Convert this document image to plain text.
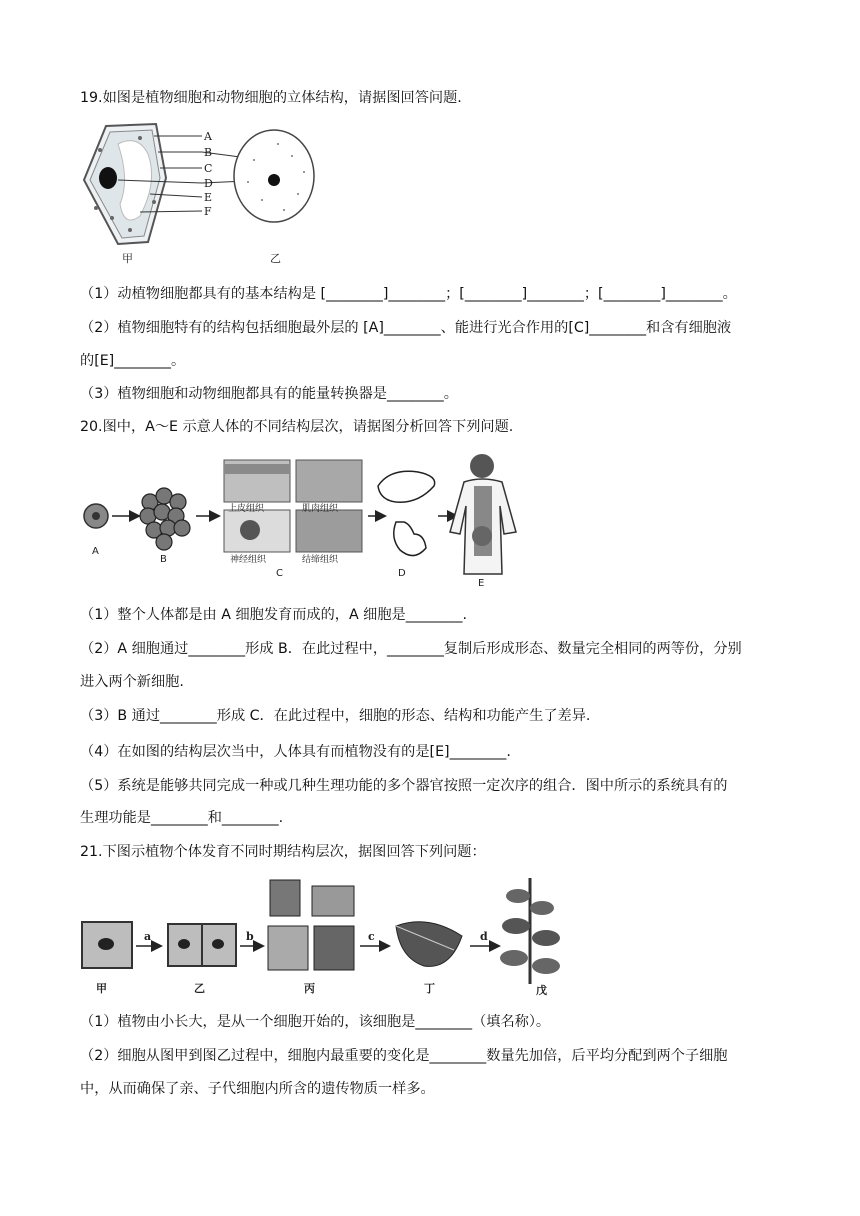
19.如图是植物细胞和动物细胞的立体结构，请据图回答问题.
A
B
C
D
E
F
甲	乙
（1）动植物细胞都具有的基本结构是 [________]________；[________]________；[________]________。
（2）植物细胞特有的结构包括细胞最外层的 [A]________、能进行光合作用的[C]________和含有细胞液
的[E]________。
（3）植物细胞和动物细胞都具有的能量转换器是________。
20.图中，A～E 示意人体的不同结构层次，请据图分析回答下列问题.
上皮组织	肌肉组织
神经组织	结缔组织
A
B
C	D
E
（1）整个人体都是由 A 细胞发育而成的，A 细胞是________.
（2）A 细胞通过________形成 B．在此过程中，________复制后形成形态、数量完全相同的两等份，分别
进入两个新细胞.
（3）B 通过________形成 C．在此过程中，细胞的形态、结构和功能产生了差异.
（4）在如图的结构层次当中，人体具有而植物没有的是[E]________.
（5）系统是能够共同完成一种或几种生理功能的多个器官按照一定次序的组合．图中所示的系统具有的
生理功能是________和________.
21.下图示植物个体发育不同时期结构层次，据图回答下列问题：
a	b	c	d
甲	乙	丙	丁	戊
（1）植物由小长大，是从一个细胞开始的，该细胞是________（填名称）。
（2）细胞从图甲到图乙过程中，细胞内最重要的变化是________数量先加倍，后平均分配到两个子细胞
中，从而确保了亲、子代细胞内所含的遗传物质一样多。
